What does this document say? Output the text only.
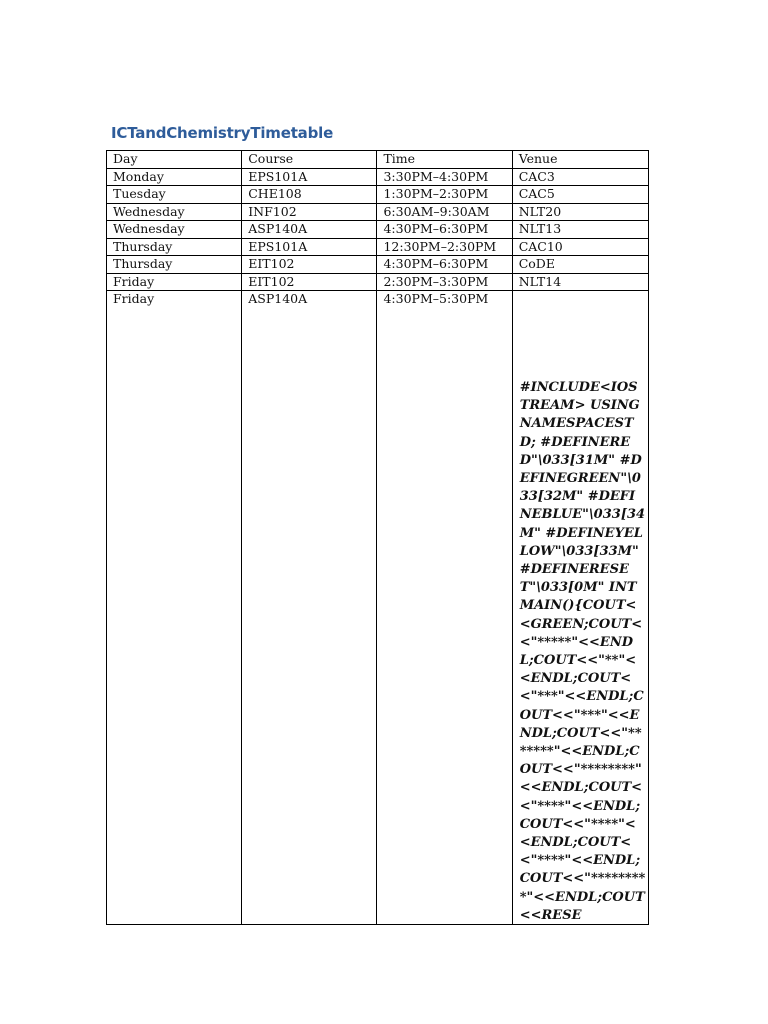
ICTandChemistryTimetable
Day	Course	Time	Venue
Monday	EPS101A	3:30PM–4:30PM	CAC3
Tuesday	CHE108	1:30PM–2:30PM	CAC5
Wednesday	INF102	6:30AM–9:30AM	NLT20
Wednesday	ASP140A	4:30PM–6:30PM	NLT13
Thursday	EPS101A	12:30PM–2:30PM	CAC10
Thursday	EIT102	4:30PM–6:30PM	CoDE
Friday	EIT102	2:30PM–3:30PM	NLT14
Friday	ASP140A	4:30PM–5:30PM	#INCLUDE<IOSTREAM> USINGNAMESPACESTD; #DEFINERED"\033[31M" #DEFINEGREEN"\033[32M" #DEFINEBLUE"\033[34M" #DEFINEYELLOW"\033[33M" #DEFINERESET"\033[0M" INTMAIN(){COUT<<GREEN;COUT<<"*****"<<ENDL;COUT<<"**"<<ENDL;COUT<<"***"<<ENDL;COUT<<"***"<<ENDL;COUT<<"*******"<<ENDL;COUT<<"********"<<ENDL;COUT<<"****"<<ENDL;COUT<<"****"<<ENDL;COUT<<"****"<<ENDL;COUT<<"*********"<<ENDL;COUT<<RESE
